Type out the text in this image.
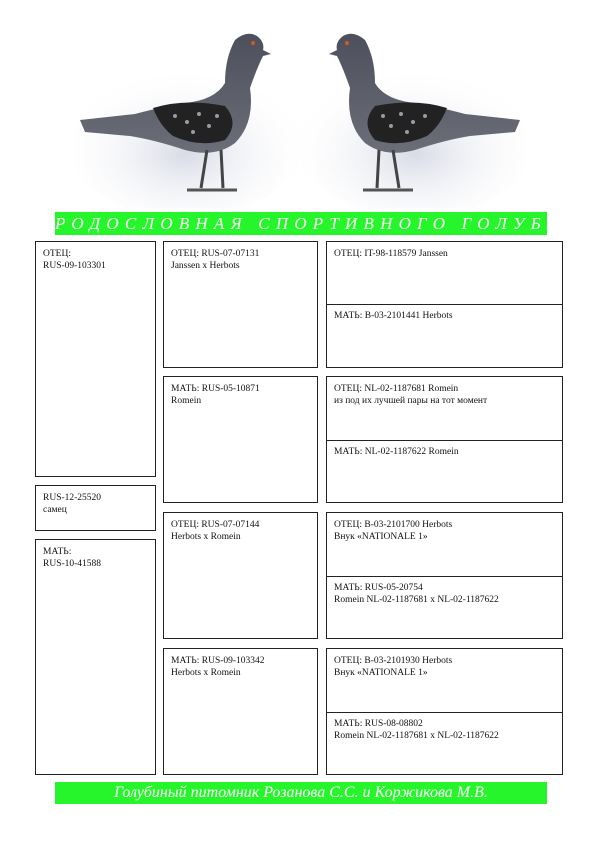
РОДОСЛОВНАЯ СПОРТИВНОГО ГОЛУБЯ
ОТЕЦ:
RUS-09-103301
RUS-12-25520
самец
МАТЬ:
RUS-10-41588
ОТЕЦ: RUS-07-07131
Janssen x Herbots
МАТЬ: RUS-05-10871
Romein
ОТЕЦ: RUS-07-07144
Herbots x Romein
МАТЬ: RUS-09-103342
Herbots x Romein
ОТЕЦ: IT-98-118579 Janssen
МАТЬ: B-03-2101441 Herbots
ОТЕЦ: NL-02-1187681 Romein
из под их лучшей пары на тот момент
МАТЬ: NL-02-1187622 Romein
ОТЕЦ: B-03-2101700 Herbots
Внук «NATIONALE 1»
МАТЬ: RUS-05-20754
Romein NL-02-1187681 x NL-02-1187622
ОТЕЦ: B-03-2101930 Herbots
Внук «NATIONALE 1»
МАТЬ: RUS-08-08802
Romein NL-02-1187681 x NL-02-1187622
Голубиный питомник Розанова С.С. и Коржикова М.В.
